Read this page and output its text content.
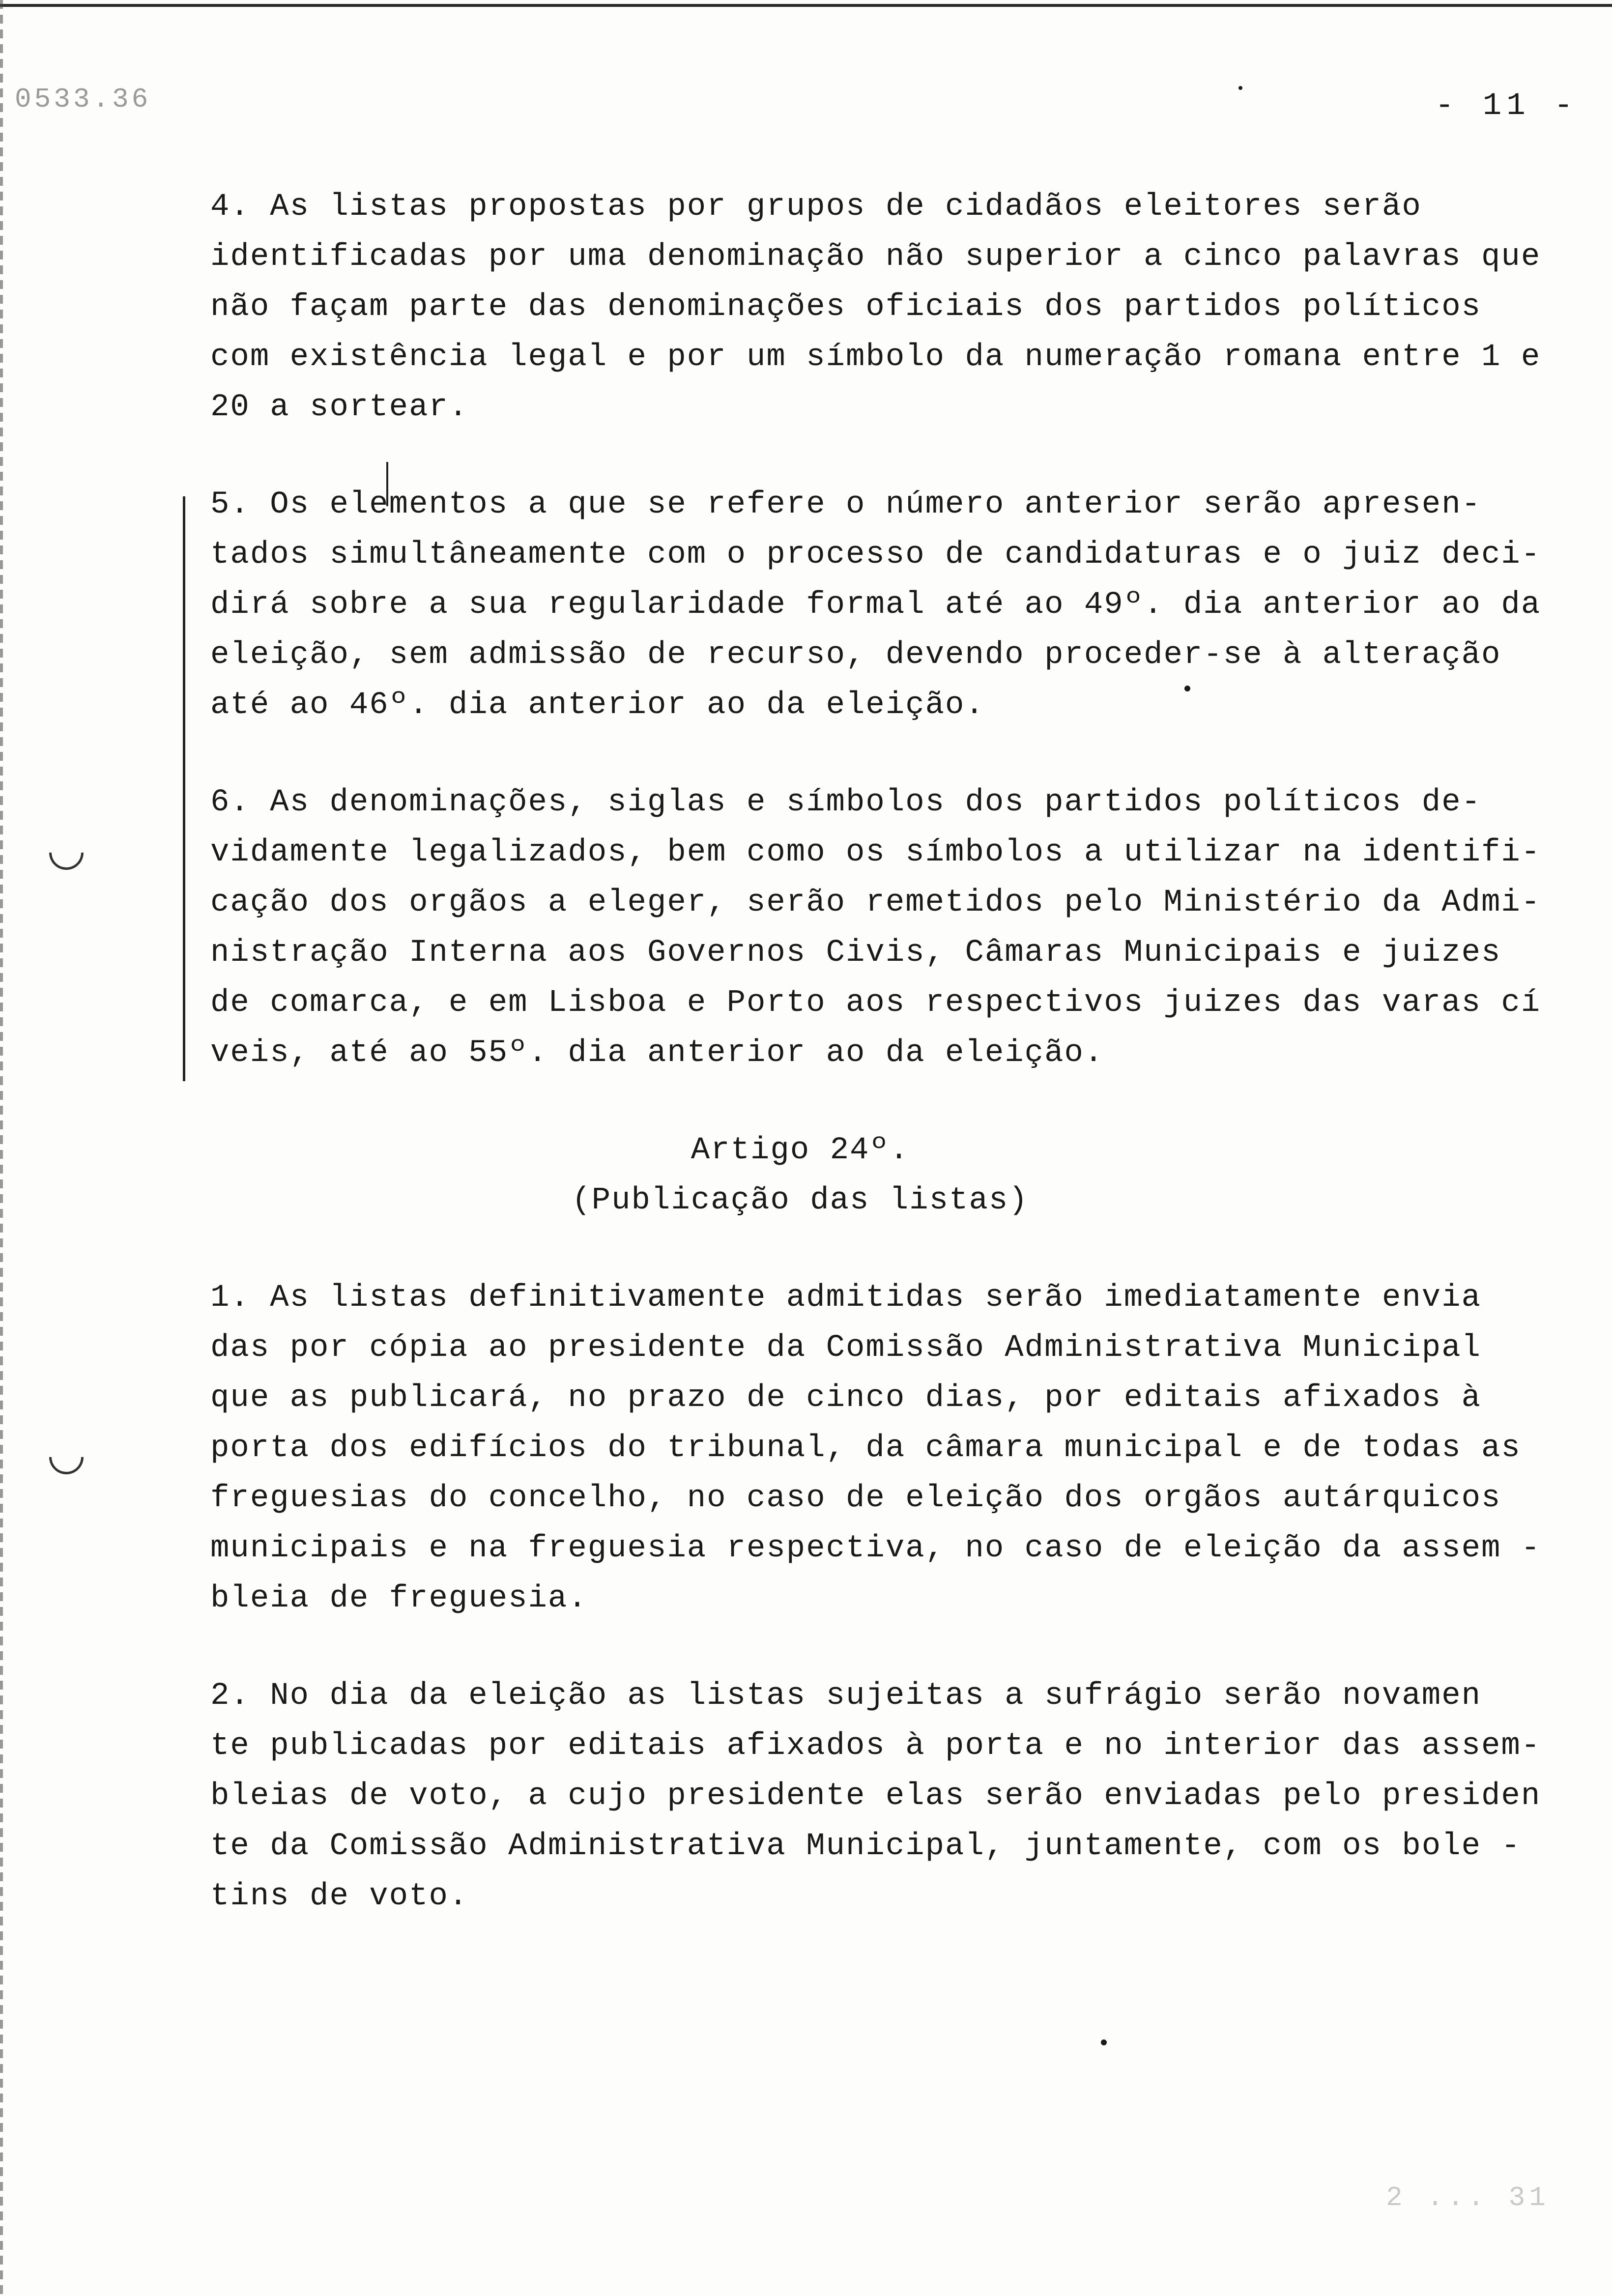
0533.36	- 11 -

4. As listas propostas por grupos de cidadãos eleitores serão
identificadas por uma denominação não superior a cinco palavras que
não façam parte das denominações oficiais dos partidos políticos
com existência legal e por um símbolo da numeração romana entre 1 e
20 a sortear.

5. Os elementos a que se refere o número anterior serão apresen-
tados simultâneamente com o processo de candidaturas e o juiz deci-
dirá sobre a sua regularidade formal até ao 49º. dia anterior ao da
eleição, sem admissão de recurso, devendo proceder-se à alteração
até ao 46º. dia anterior ao da eleição.

6. As denominações, siglas e símbolos dos partidos políticos de-
vidamente legalizados, bem como os símbolos a utilizar na identifi-
cação dos orgãos a eleger, serão remetidos pelo Ministério da Admi-
nistração Interna aos Governos Civis, Câmaras Municipais e juizes
de comarca, e em Lisboa e Porto aos respectivos juizes das varas cí
veis, até ao 55º. dia anterior ao da eleição.

Artigo 24º.

(Publicação das listas)

1. As listas definitivamente admitidas serão imediatamente envia
das por cópia ao presidente da Comissão Administrativa Municipal
que as publicará, no prazo de cinco dias, por editais afixados à
porta dos edifícios do tribunal, da câmara municipal e de todas as
freguesias do concelho, no caso de eleição dos orgãos autárquicos
municipais e na freguesia respectiva, no caso de eleição da assem -
bleia de freguesia.

2. No dia da eleição as listas sujeitas a sufrágio serão novamen
te publicadas por editais afixados à porta e no interior das assem-
bleias de voto, a cujo presidente elas serão enviadas pelo presiden
te da Comissão Administrativa Municipal, juntamente, com os bole -
tins de voto.

2 ... 31
